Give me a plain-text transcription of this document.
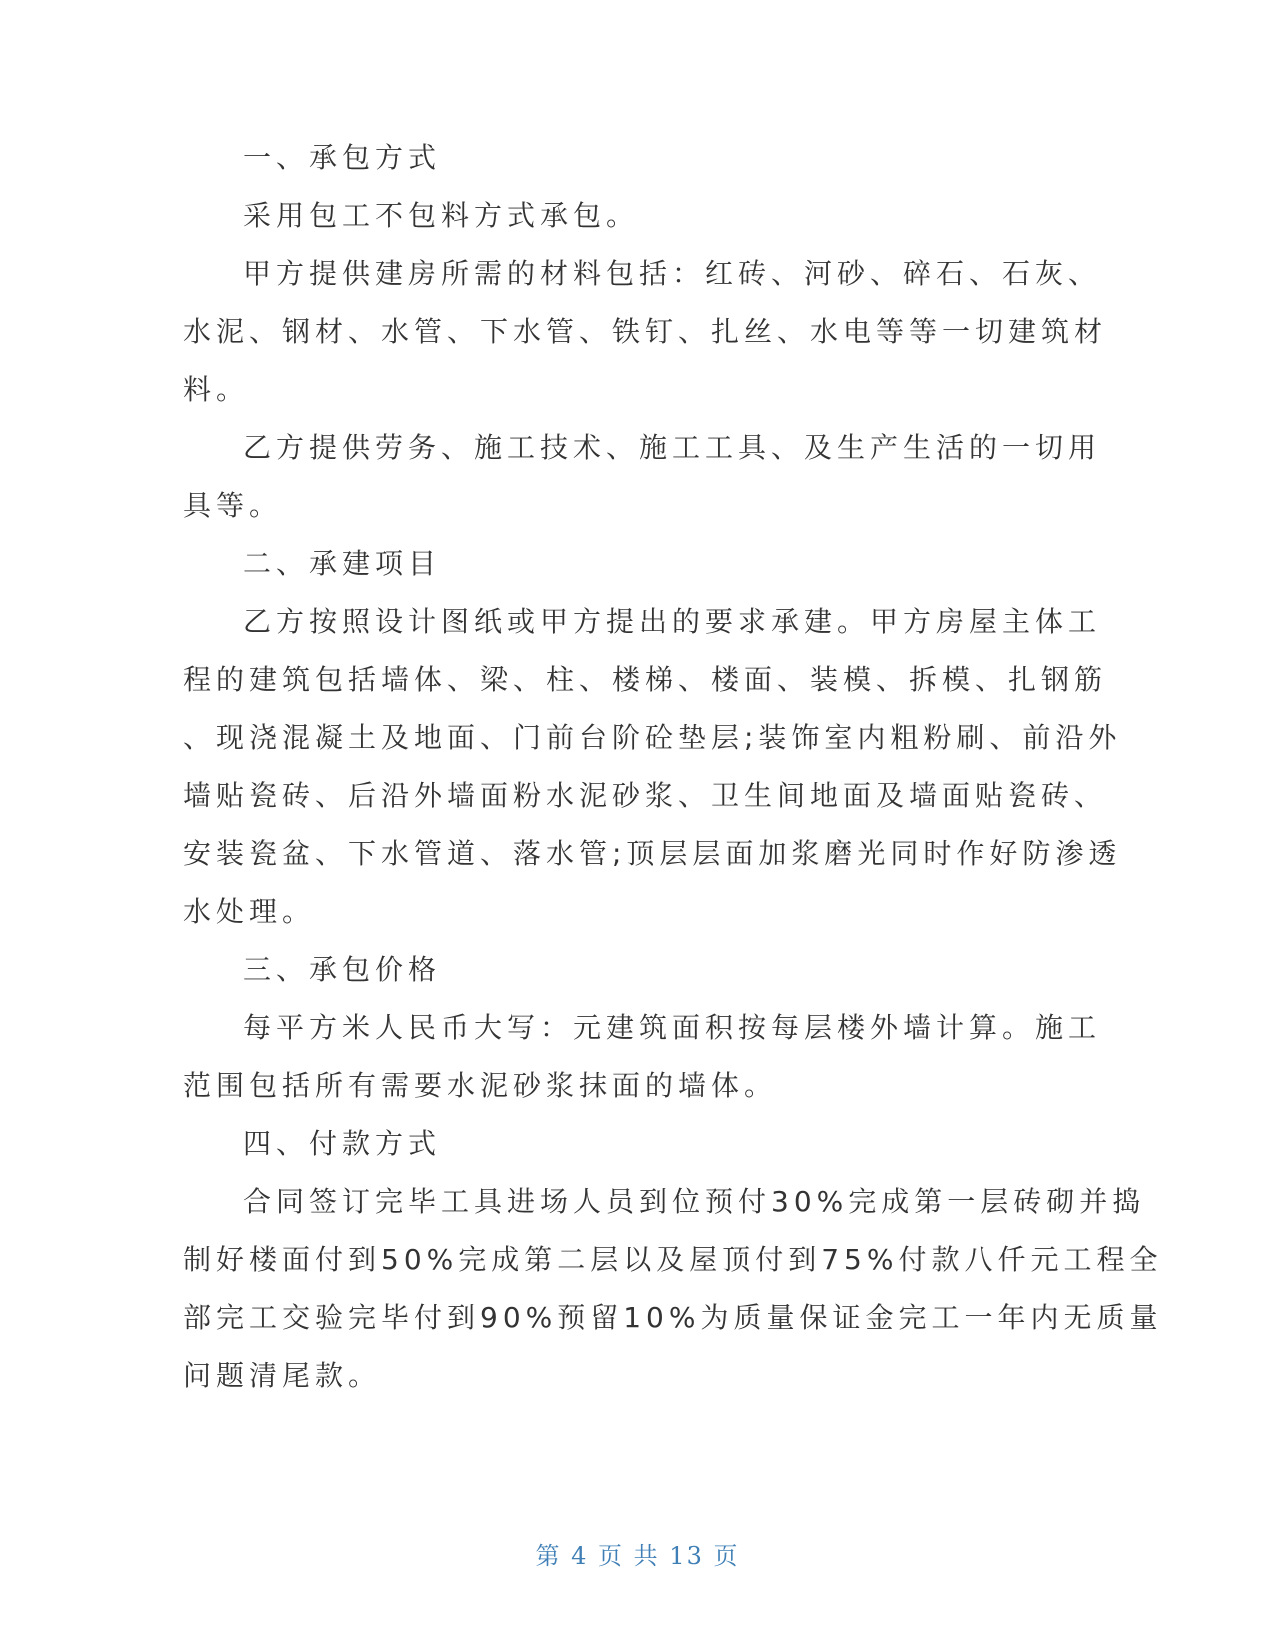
一、承包方式
采用包工不包料方式承包。
甲方提供建房所需的材料包括：红砖、河砂、碎石、石灰、
水泥、钢材、水管、下水管、铁钉、扎丝、水电等等一切建筑材
料。
乙方提供劳务、施工技术、施工工具、及生产生活的一切用
具等。
二、承建项目
乙方按照设计图纸或甲方提出的要求承建。甲方房屋主体工
程的建筑包括墙体、梁、柱、楼梯、楼面、装模、拆模、扎钢筋
、现浇混凝土及地面、门前台阶砼垫层;装饰室内粗粉刷、前沿外
墙贴瓷砖、后沿外墙面粉水泥砂浆、卫生间地面及墙面贴瓷砖、
安装瓷盆、下水管道、落水管;顶层层面加浆磨光同时作好防渗透
水处理。
三、承包价格
每平方米人民币大写：元建筑面积按每层楼外墙计算。施工
范围包括所有需要水泥砂浆抹面的墙体。
四、付款方式
合同签订完毕工具进场人员到位预付30%完成第一层砖砌并捣
制好楼面付到50%完成第二层以及屋顶付到75%付款八仟元工程全
部完工交验完毕付到90%预留10%为质量保证金完工一年内无质量
问题清尾款。
第 4 页 共 13 页
